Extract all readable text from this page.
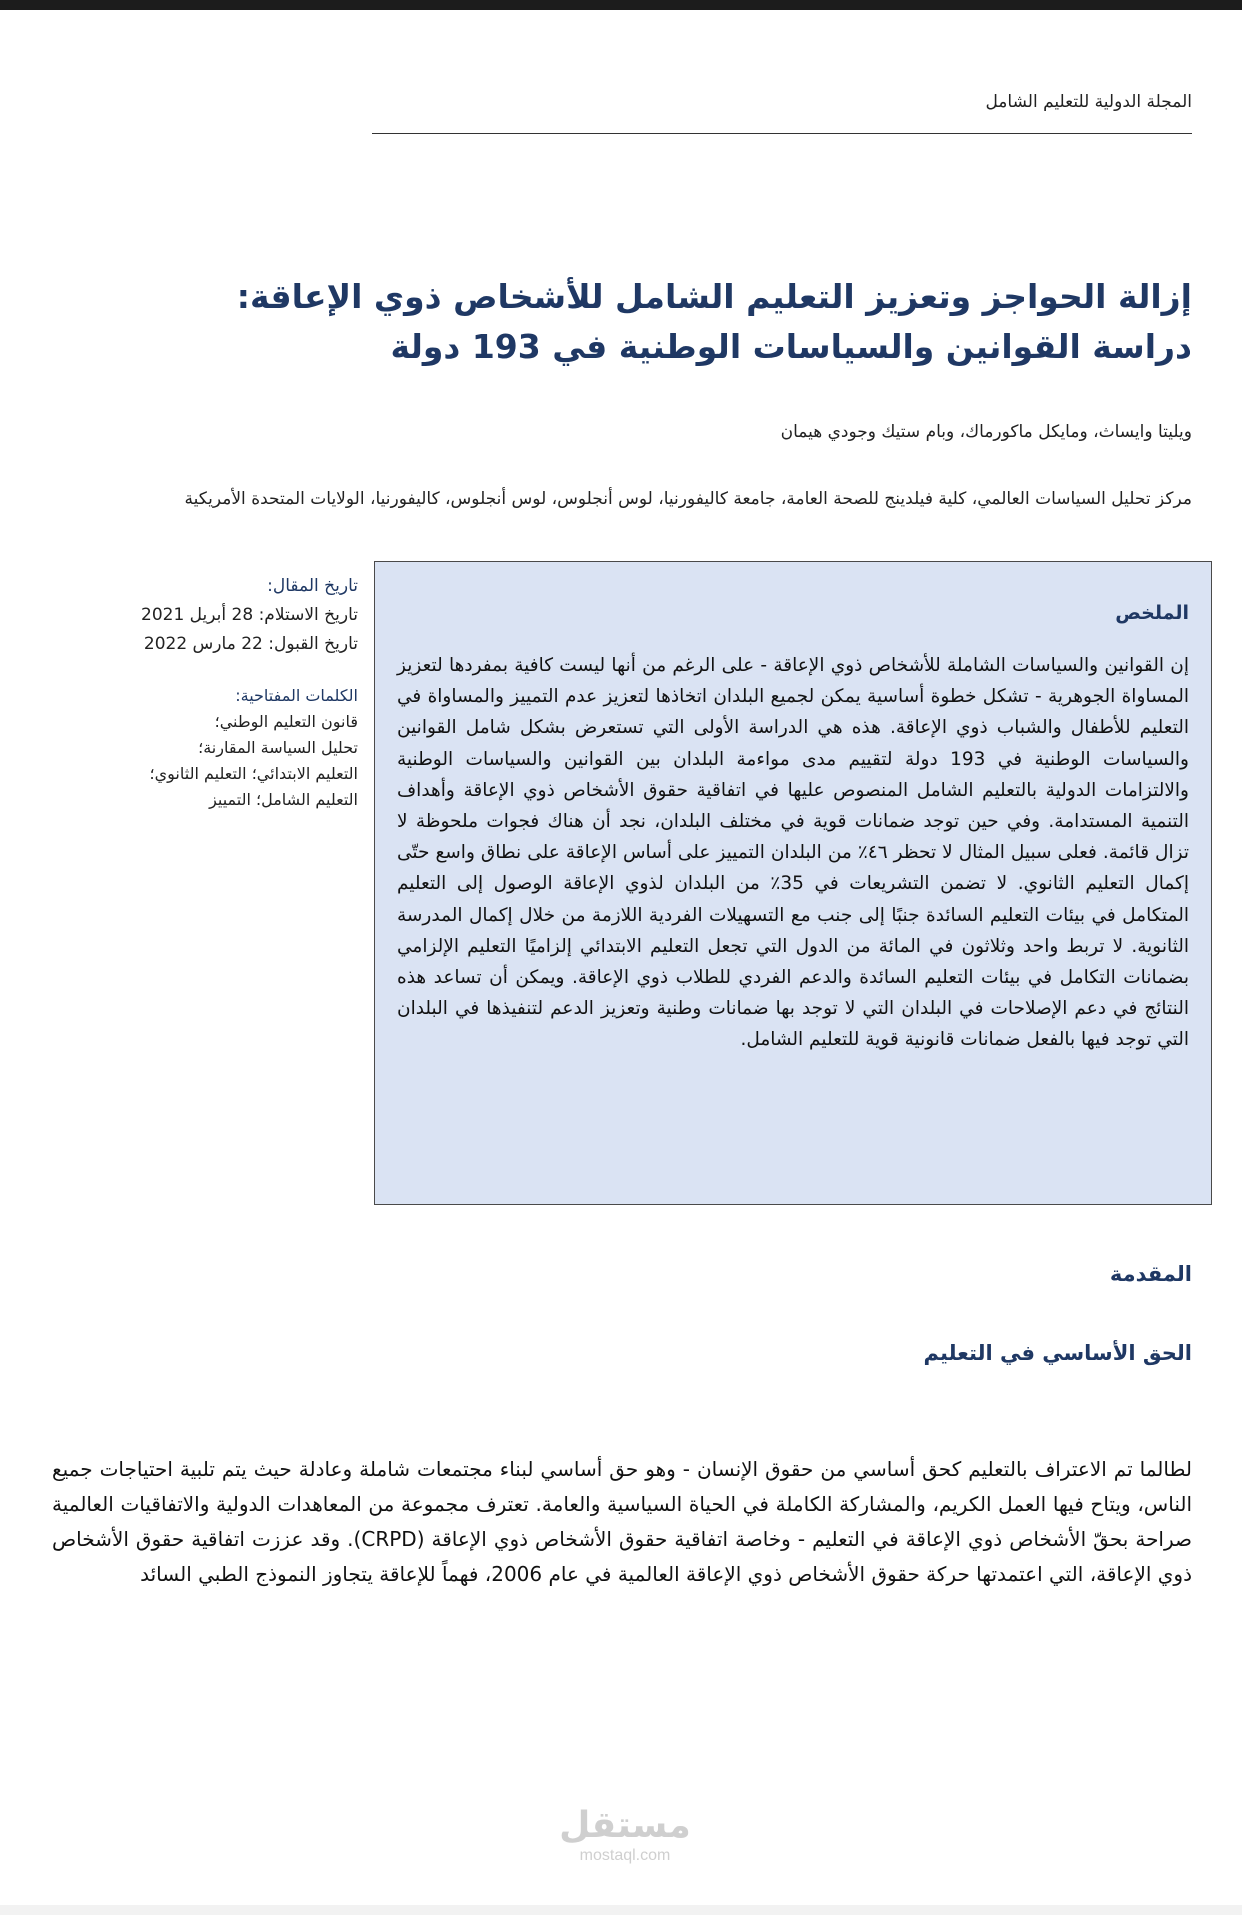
المجلة الدولية للتعليم الشامل
إزالة الحواجز وتعزيز التعليم الشامل للأشخاص ذوي الإعاقة:
دراسة القوانين والسياسات الوطنية في 193 دولة
ويليتا وايساث، ومايكل ماكورماك، وبام ستيك وجودي هيمان
مركز تحليل السياسات العالمي، كلية فيلدينج للصحة العامة، جامعة كاليفورنيا، لوس أنجلوس، لوس أنجلوس، كاليفورنيا، الولايات المتحدة الأمريكية
تاريخ المقال:
تاريخ الاستلام: 28 أبريل 2021
تاريخ القبول: 22 مارس 2022
الكلمات المفتاحية:
قانون التعليم الوطني؛
تحليل السياسة المقارنة؛
التعليم الابتدائي؛ التعليم الثانوي؛
التعليم الشامل؛ التمييز
الملخص

إن القوانين والسياسات الشاملة للأشخاص ذوي الإعاقة - على الرغم من أنها ليست كافية بمفردها لتعزيز المساواة الجوهرية - تشكل خطوة أساسية يمكن لجميع البلدان اتخاذها لتعزيز عدم التمييز والمساواة في التعليم للأطفال والشباب ذوي الإعاقة. هذه هي الدراسة الأولى التي تستعرض بشكل شامل القوانين والسياسات الوطنية في 193 دولة لتقييم مدى مواءمة البلدان بين القوانين والسياسات الوطنية والالتزامات الدولية بالتعليم الشامل المنصوص عليها في اتفاقية حقوق الأشخاص ذوي الإعاقة وأهداف التنمية المستدامة. وفي حين توجد ضمانات قوية في مختلف البلدان، نجد أن هناك فجوات ملحوظة لا تزال قائمة. فعلى سبيل المثال لا تحظر ٤٦٪ من البلدان التمييز على أساس الإعاقة على نطاق واسع حتّى إكمال التعليم الثانوي. لا تضمن التشريعات في 35٪ من البلدان لذوي الإعاقة الوصول إلى التعليم المتكامل في بيئات التعليم السائدة جنبًا إلى جنب مع التسهيلات الفردية اللازمة من خلال إكمال المدرسة الثانوية. لا تربط واحد وثلاثون في المائة من الدول التي تجعل التعليم الابتدائي إلزاميًا التعليم الإلزامي بضمانات التكامل في بيئات التعليم السائدة والدعم الفردي للطلاب ذوي الإعاقة. ويمكن أن تساعد هذه النتائج في دعم الإصلاحات في البلدان التي لا توجد بها ضمانات وطنية وتعزيز الدعم لتنفيذها في البلدان التي توجد فيها بالفعل ضمانات قانونية قوية للتعليم الشامل.

المقدمة
الحق الأساسي في التعليم

لطالما تم الاعتراف بالتعليم كحق أساسي من حقوق الإنسان - وهو حق أساسي لبناء مجتمعات شاملة وعادلة حيث يتم تلبية احتياجات جميع الناس، ويتاح فيها العمل الكريم، والمشاركة الكاملة في الحياة السياسية والعامة. تعترف مجموعة من المعاهدات الدولية والاتفاقيات العالمية صراحة بحقّ الأشخاص ذوي الإعاقة في التعليم - وخاصة اتفاقية حقوق الأشخاص ذوي الإعاقة (CRPD). وقد عززت اتفاقية حقوق الأشخاص ذوي الإعاقة، التي اعتمدتها حركة حقوق الأشخاص ذوي الإعاقة العالمية في عام 2006، فهماً للإعاقة يتجاوز النموذج الطبي السائد

مستقل
mostaql.com
